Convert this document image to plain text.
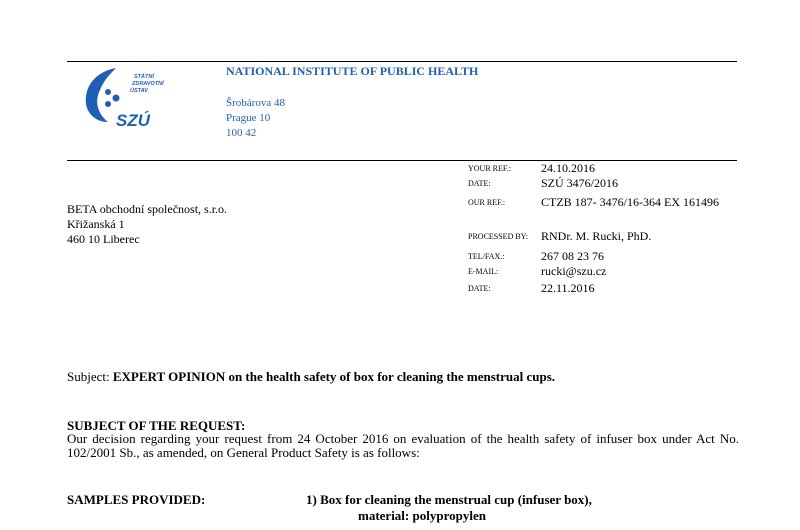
STÁTNÍ
ZDRAVOTNÍ
ÚSTAV
SZÚ
NATIONAL INSTITUTE OF PUBLIC HEALTH
Šrobárova 48
Prague 10
100 42
BETA obchodní společnost, s.r.o.
Křižanská 1
460 10 Liberec
YOUR REF.:	24.10.2016
DATE:	SZÚ 3476/2016
OUR REF.:	CTZB 187- 3476/16-364 EX 161496
PROCESSED BY: RNDr. M. Rucki, PhD.
TEL/FAX.:	267 08 23 76
E-MAIL:	rucki@szu.cz
DATE:	22.11.2016
Subject: EXPERT OPINION on the health safety of box for cleaning the menstrual cups.
SUBJECT OF THE REQUEST:
Our decision regarding your request from 24 October 2016 on evaluation of the health safety of infuser box under Act No. 102/2001 Sb., as amended, on General Product Safety is as follows:
SAMPLES PROVIDED:	1) Box for cleaning the menstrual cup (infuser box),
material: polypropylen
